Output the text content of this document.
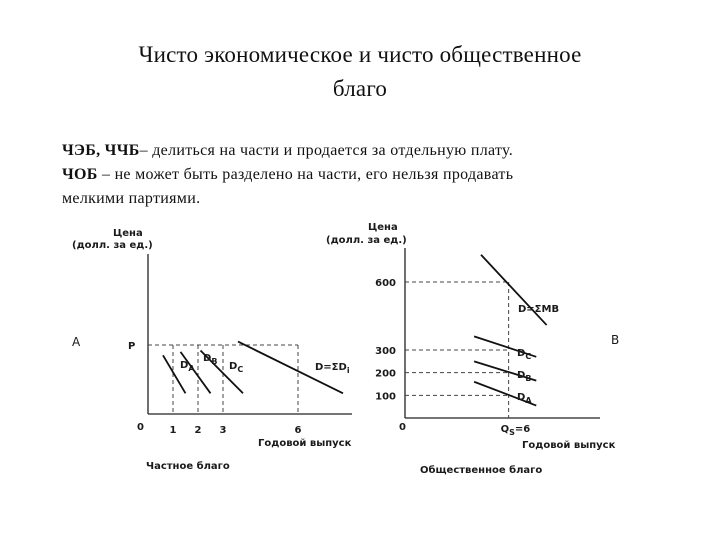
Чисто экономическое и чисто общественное
благо
ЧЭБ, ЧЧБ– делиться на части и продается за отдельную плату.
ЧОБ – не может быть разделено на части, его нельзя продавать
мелкими партиями.
Цена
(долл. за ед.)
A
0
P
1 2 3	6
$D_A$
$D_B$ $D_C$	$D=\Sigma D_i$
Годовой выпуск
Частное благо
Цена
(долл. за ед.)
B
0
600
300
200
100
D=ΣMB
$D_C$
$D_B$
$D_A$
$Q_S=6$
Годовой выпуск
Общественное благо
